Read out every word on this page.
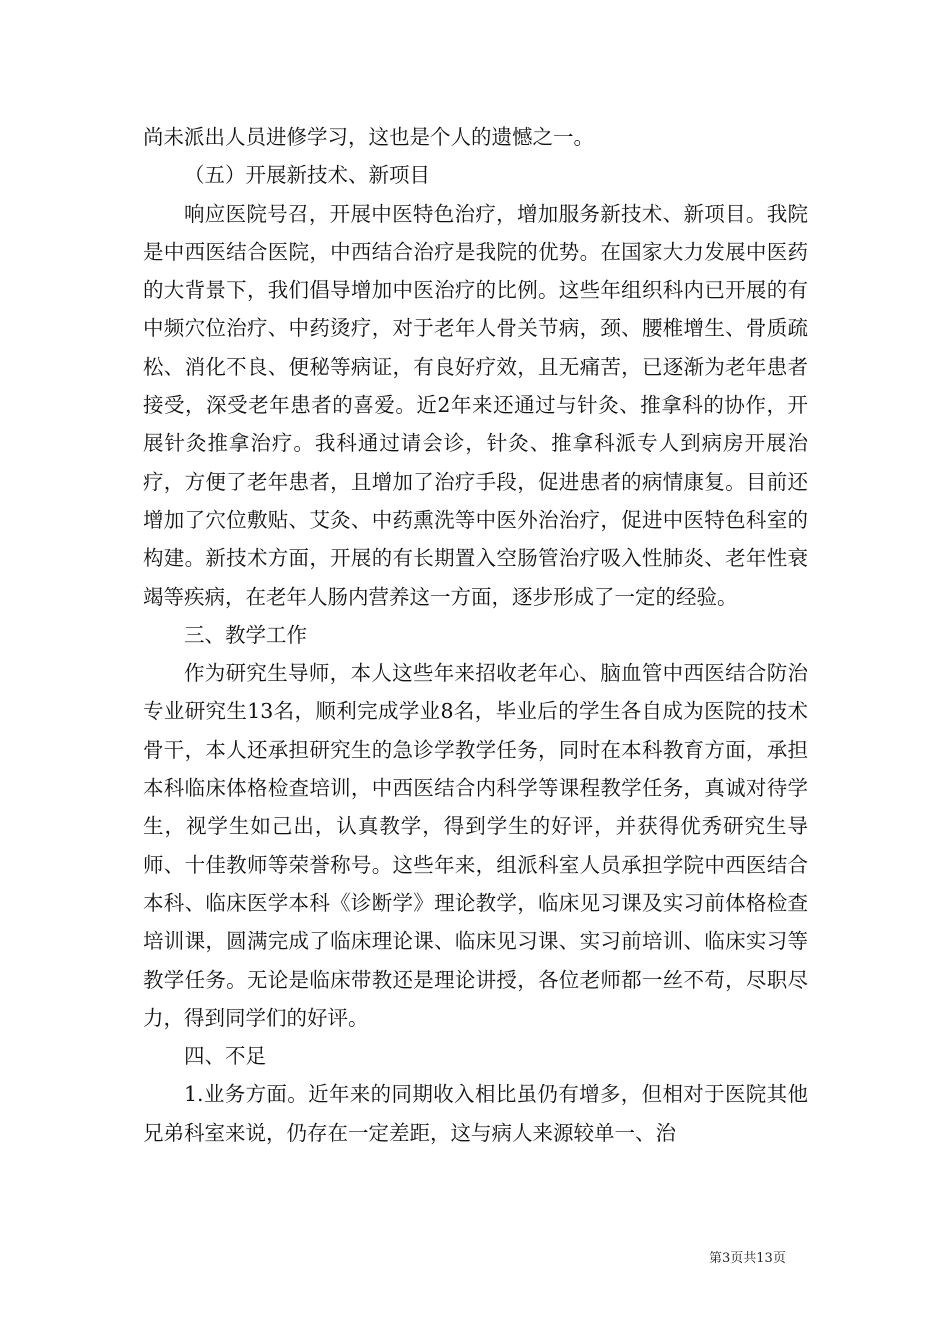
尚未派出人员进修学习，这也是个人的遗憾之一。

（五）开展新技术、新项目

响应医院号召，开展中医特色治疗，增加服务新技术、新项目。我院是中西医结合医院，中西结合治疗是我院的优势。在国家大力发展中医药的大背景下，我们倡导增加中医治疗的比例。这些年组织科内已开展的有中频穴位治疗、中药烫疗，对于老年人骨关节病，颈、腰椎增生、骨质疏松、消化不良、便秘等病证，有良好疗效，且无痛苦，已逐渐为老年患者接受，深受老年患者的喜爱。近2年来还通过与针灸、推拿科的协作，开展针灸推拿治疗。我科通过请会诊，针灸、推拿科派专人到病房开展治疗，方便了老年患者，且增加了治疗手段，促进患者的病情康复。目前还增加了穴位敷贴、艾灸、中药熏洗等中医外治治疗，促进中医特色科室的构建。新技术方面，开展的有长期置入空肠管治疗吸入性肺炎、老年性衰竭等疾病，在老年人肠内营养这一方面，逐步形成了一定的经验。

三、教学工作

作为研究生导师，本人这些年来招收老年心、脑血管中西医结合防治专业研究生13名，顺利完成学业8名，毕业后的学生各自成为医院的技术骨干，本人还承担研究生的急诊学教学任务，同时在本科教育方面，承担本科临床体格检查培训，中西医结合内科学等课程教学任务，真诚对待学生，视学生如己出，认真教学，得到学生的好评，并获得优秀研究生导师、十佳教师等荣誉称号。这些年来，组派科室人员承担学院中西医结合本科、临床医学本科《诊断学》理论教学，临床见习课及实习前体格检查培训课，圆满完成了临床理论课、临床见习课、实习前培训、临床实习等教学任务。无论是临床带教还是理论讲授，各位老师都一丝不苟，尽职尽力，得到同学们的好评。

四、不足

1.业务方面。近年来的同期收入相比虽仍有增多，但相对于医院其他兄弟科室来说，仍存在一定差距，这与病人来源较单一、治

第3页共13页
